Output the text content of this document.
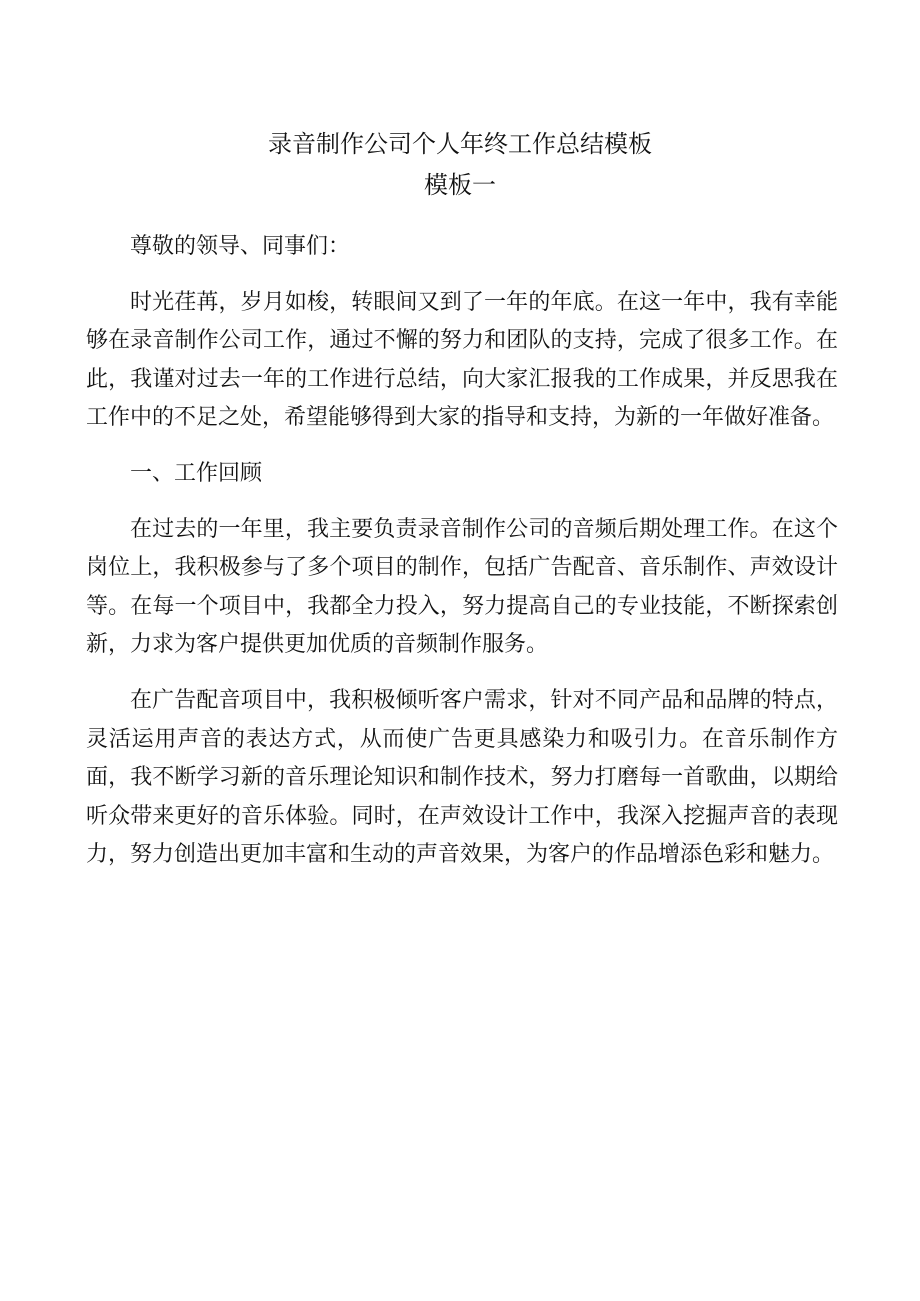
录音制作公司个人年终工作总结模板
模板一

尊敬的领导、同事们：

时光荏苒，岁月如梭，转眼间又到了一年的年底。在这一年中，我有幸能够在录音制作公司工作，通过不懈的努力和团队的支持，完成了很多工作。在此，我谨对过去一年的工作进行总结，向大家汇报我的工作成果，并反思我在工作中的不足之处，希望能够得到大家的指导和支持，为新的一年做好准备。

一、工作回顾

在过去的一年里，我主要负责录音制作公司的音频后期处理工作。在这个岗位上，我积极参与了多个项目的制作，包括广告配音、音乐制作、声效设计等。在每一个项目中，我都全力投入，努力提高自己的专业技能，不断探索创新，力求为客户提供更加优质的音频制作服务。

在广告配音项目中，我积极倾听客户需求，针对不同产品和品牌的特点，灵活运用声音的表达方式，从而使广告更具感染力和吸引力。在音乐制作方面，我不断学习新的音乐理论知识和制作技术，努力打磨每一首歌曲，以期给听众带来更好的音乐体验。同时，在声效设计工作中，我深入挖掘声音的表现力，努力创造出更加丰富和生动的声音效果，为客户的作品增添色彩和魅力。
